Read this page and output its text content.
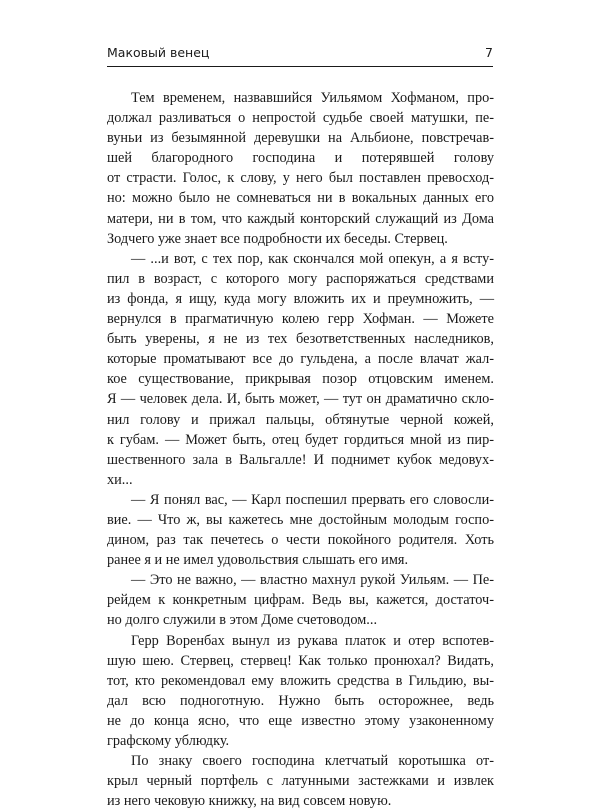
Маковый венец	7
Тем временем, назвавшийся Уильямом Хофманом, про-
должал разливаться о непростой судьбе своей матушки, пе-
вуньи из безымянной деревушки на Альбионе, повстречав-
шей благородного господина и потерявшей голову
от страсти. Голос, к слову, у него был поставлен превосход-
но: можно было не сомневаться ни в вокальных данных его
матери, ни в том, что каждый конторский служащий из Дома
Зодчего уже знает все подробности их беседы. Стервец.
— ...и вот, с тех пор, как скончался мой опекун, а я всту-
пил в возраст, с которого могу распоряжаться средствами
из фонда, я ищу, куда могу вложить их и преумножить, —
вернулся в прагматичную колею герр Хофман. — Можете
быть уверены, я не из тех безответственных наследников,
которые проматывают все до гульдена, а после влачат жал-
кое существование, прикрывая позор отцовским именем.
Я — человек дела. И, быть может, — тут он драматично скло-
нил голову и прижал пальцы, обтянутые черной кожей,
к губам. — Может быть, отец будет гордиться мной из пир-
шественного зала в Вальгалле! И поднимет кубок медовух-
хи...
— Я понял вас, — Карл поспешил прервать его словосли-
вие. — Что ж, вы кажетесь мне достойным молодым госпо-
дином, раз так печетесь о чести покойного родителя. Хоть
ранее я и не имел удовольствия слышать его имя.
— Это не важно, — властно махнул рукой Уильям. — Пе-
рейдем к конкретным цифрам. Ведь вы, кажется, достаточ-
но долго служили в этом Доме счетоводом...
Герр Воренбах вынул из рукава платок и отер вспотев-
шую шею. Стервец, стервец! Как только пронюхал? Видать,
тот, кто рекомендовал ему вложить средства в Гильдию, вы-
дал всю подноготную. Нужно быть осторожнее, ведь
не до конца ясно, что еще известно этому узаконенному
графскому ублюдку.
По знаку своего господина клетчатый коротышка от-
крыл черный портфель с латунными застежками и извлек
из него чековую книжку, на вид совсем новую.
